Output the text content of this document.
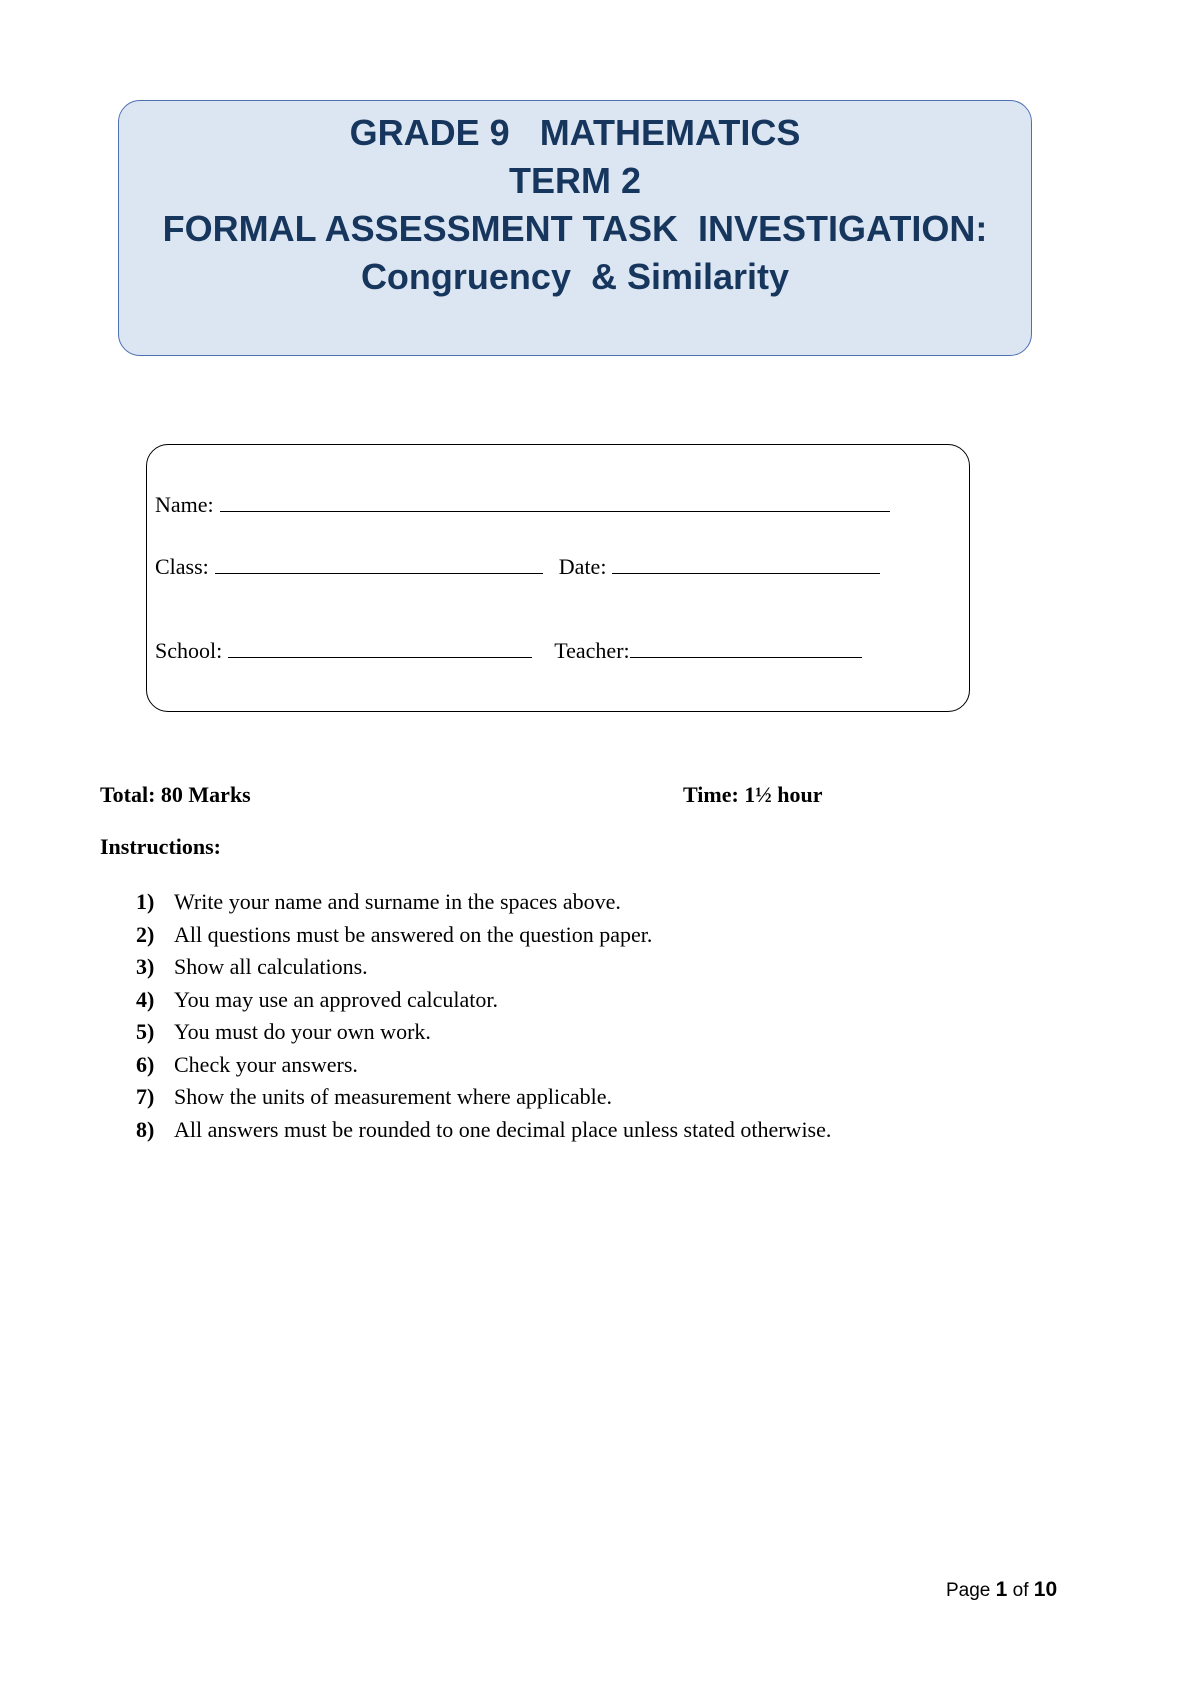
GRADE 9   MATHEMATICS
TERM 2
FORMAL ASSESSMENT TASK  INVESTIGATION:
Congruency  & Similarity
Name:
Class:	Date:
School:	Teacher:
Total: 80 Marks	Time: 1½ hour
Instructions:
1) Write your name and surname in the spaces above.
2) All questions must be answered on the question paper.
3) Show all calculations.
4) You may use an approved calculator.
5) You must do your own work.
6) Check your answers.
7) Show the units of measurement where applicable.
8) All answers must be rounded to one decimal place unless stated otherwise.
Page 1 of 10
